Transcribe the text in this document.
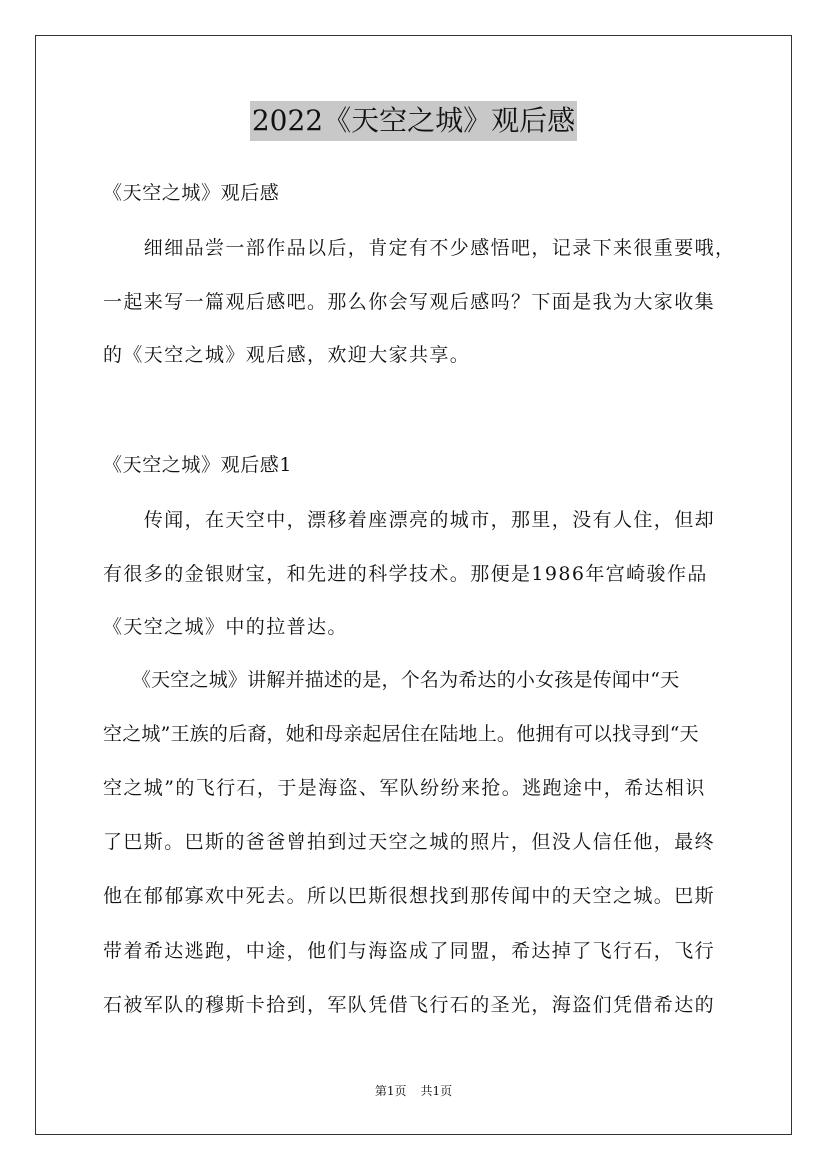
2022《天空之城》观后感
《天空之城》观后感
　　细细品尝一部作品以后，肯定有不少感悟吧，记录下来很重要哦，
一起来写一篇观后感吧。那么你会写观后感吗？下面是我为大家收集
的《天空之城》观后感，欢迎大家共享。
《天空之城》观后感1
　　传闻，在天空中，漂移着座漂亮的城市，那里，没有人住，但却
有很多的金银财宝，和先进的科学技术。那便是1986年宫崎骏作品
《天空之城》中的拉普达。
　　《天空之城》讲解并描述的是，个名为希达的小女孩是传闻中“天
空之城”王族的后裔，她和母亲起居住在陆地上。他拥有可以找寻到“天
空之城”的飞行石，于是海盗、军队纷纷来抢。逃跑途中，希达相识
了巴斯。巴斯的爸爸曾拍到过天空之城的照片，但没人信任他，最终
他在郁郁寡欢中死去。所以巴斯很想找到那传闻中的天空之城。巴斯
带着希达逃跑，中途，他们与海盗成了同盟，希达掉了飞行石，飞行
石被军队的穆斯卡拾到，军队凭借飞行石的圣光，海盗们凭借希达的
第1页 共1页
